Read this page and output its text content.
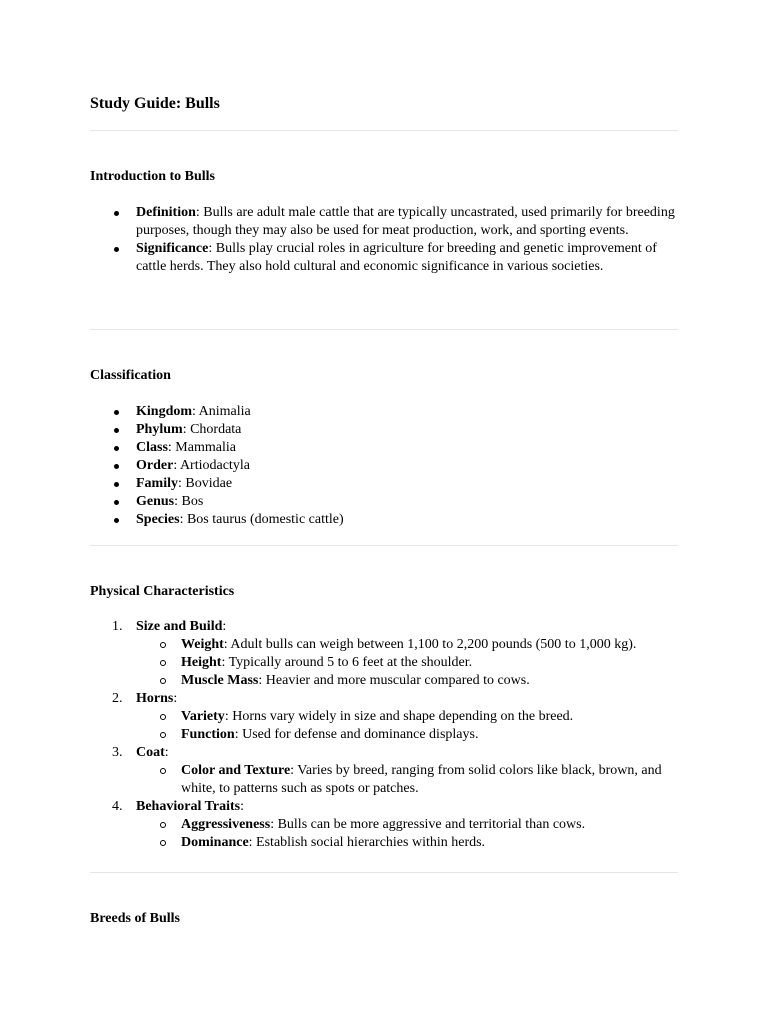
Study Guide: Bulls
Introduction to Bulls
Definition: Bulls are adult male cattle that are typically uncastrated, used primarily for breeding purposes, though they may also be used for meat production, work, and sporting events.
Significance: Bulls play crucial roles in agriculture for breeding and genetic improvement of cattle herds. They also hold cultural and economic significance in various societies.
Classification
Kingdom: Animalia
Phylum: Chordata
Class: Mammalia
Order: Artiodactyla
Family: Bovidae
Genus: Bos
Species: Bos taurus (domestic cattle)
Physical Characteristics
1. Size and Build:
Weight: Adult bulls can weigh between 1,100 to 2,200 pounds (500 to 1,000 kg).
Height: Typically around 5 to 6 feet at the shoulder.
Muscle Mass: Heavier and more muscular compared to cows.
2. Horns:
Variety: Horns vary widely in size and shape depending on the breed.
Function: Used for defense and dominance displays.
3. Coat:
Color and Texture: Varies by breed, ranging from solid colors like black, brown, and white, to patterns such as spots or patches.
4. Behavioral Traits:
Aggressiveness: Bulls can be more aggressive and territorial than cows.
Dominance: Establish social hierarchies within herds.
Breeds of Bulls
